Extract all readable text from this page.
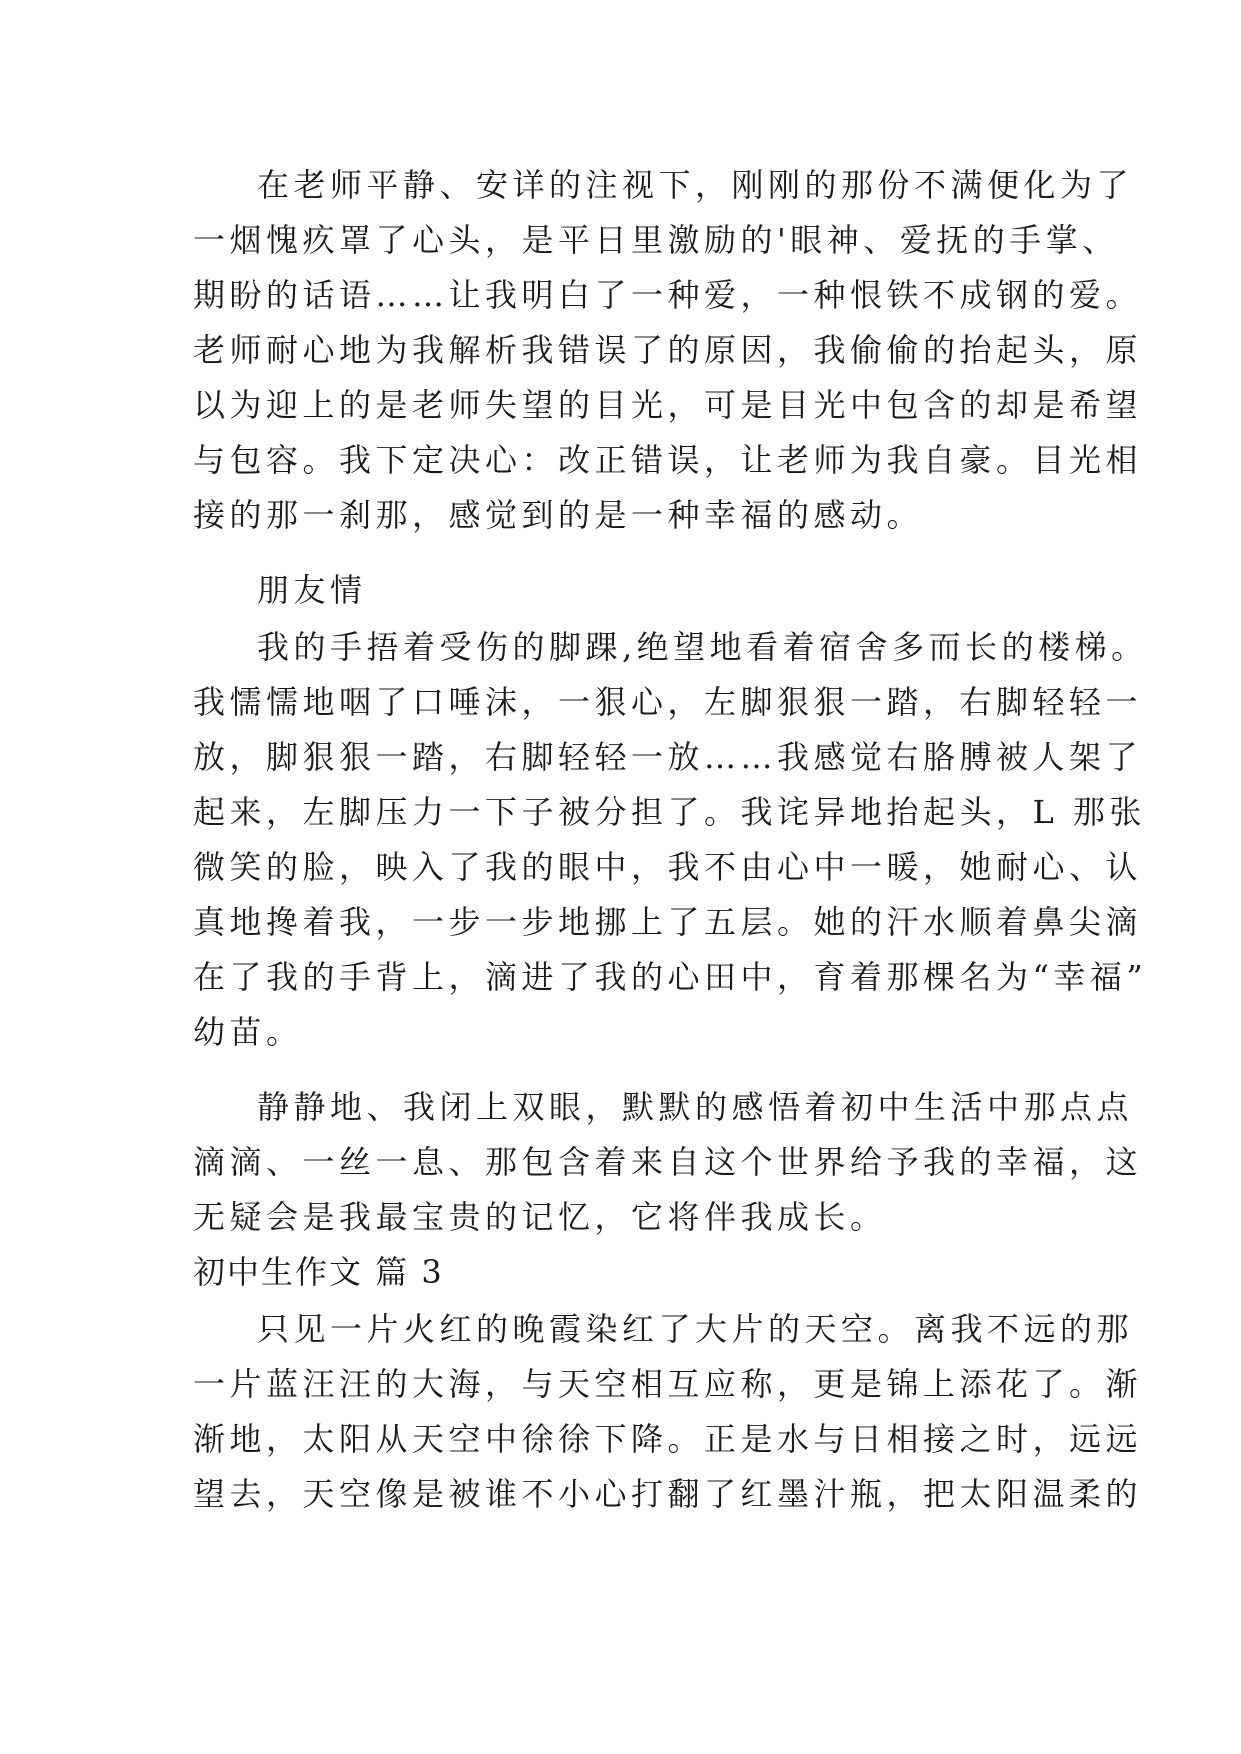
在老师平静、安详的注视下，刚刚的那份不满便化为了
一烟愧疚罩了心头，是平日里激励的'眼神、爱抚的手掌、
期盼的话语……让我明白了一种爱，一种恨铁不成钢的爱。
老师耐心地为我解析我错误了的原因，我偷偷的抬起头，原
以为迎上的是老师失望的目光，可是目光中包含的却是希望
与包容。我下定决心：改正错误，让老师为我自豪。目光相
接的那一刹那，感觉到的是一种幸福的感动。
朋友情
我的手捂着受伤的脚踝,绝望地看着宿舍多而长的楼梯。
我懦懦地咽了口唾沫，一狠心，左脚狠狠一踏，右脚轻轻一
放，脚狠狠一踏，右脚轻轻一放……我感觉右胳膊被人架了
起来，左脚压力一下子被分担了。我诧异地抬起头，L 那张
微笑的脸，映入了我的眼中，我不由心中一暖，她耐心、认
真地搀着我，一步一步地挪上了五层。她的汗水顺着鼻尖滴
在了我的手背上，滴进了我的心田中，育着那棵名为“幸福”
幼苗。
静静地、我闭上双眼，默默的感悟着初中生活中那点点
滴滴、一丝一息、那包含着来自这个世界给予我的幸福，这
无疑会是我最宝贵的记忆，它将伴我成长。
初中生作文 篇 3
只见一片火红的晚霞染红了大片的天空。离我不远的那
一片蓝汪汪的大海，与天空相互应称，更是锦上添花了。渐
渐地，太阳从天空中徐徐下降。正是水与日相接之时，远远
望去，天空像是被谁不小心打翻了红墨汁瓶，把太阳温柔的
